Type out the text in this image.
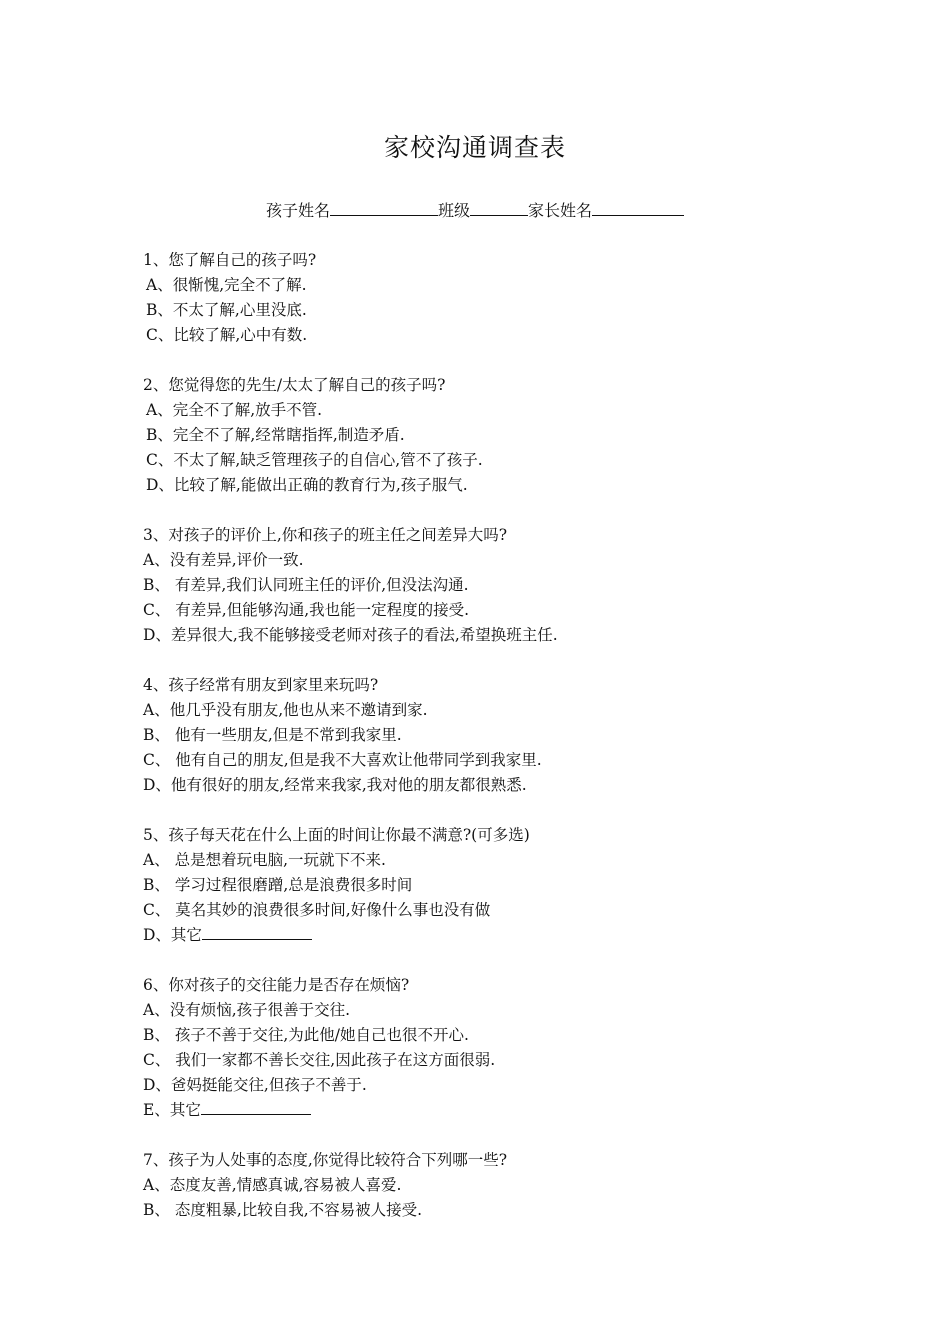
家校沟通调查表
孩子姓名	班级	家长姓名
1、您了解自己的孩子吗?
A、很惭愧,完全不了解.
B、不太了解,心里没底.
C、比较了解,心中有数.
2、您觉得您的先生/太太了解自己的孩子吗?
A、完全不了解,放手不管.
B、完全不了解,经常瞎指挥,制造矛盾.
C、不太了解,缺乏管理孩子的自信心,管不了孩子.
D、比较了解,能做出正确的教育行为,孩子服气.
3、对孩子的评价上,你和孩子的班主任之间差异大吗?
A、没有差异,评价一致.
B、 有差异,我们认同班主任的评价,但没法沟通.
C、 有差异,但能够沟通,我也能一定程度的接受.
D、差异很大,我不能够接受老师对孩子的看法,希望换班主任.
4、孩子经常有朋友到家里来玩吗?
A、他几乎没有朋友,他也从来不邀请到家.
B、 他有一些朋友,但是不常到我家里.
C、 他有自己的朋友,但是我不大喜欢让他带同学到我家里.
D、他有很好的朋友,经常来我家,我对他的朋友都很熟悉.
5、孩子每天花在什么上面的时间让你最不满意?(可多选)
A、 总是想着玩电脑,一玩就下不来.
B、 学习过程很磨蹭,总是浪费很多时间
C、 莫名其妙的浪费很多时间,好像什么事也没有做
D、其它
6、你对孩子的交往能力是否存在烦恼?
A、没有烦恼,孩子很善于交往.
B、 孩子不善于交往,为此他/她自己也很不开心.
C、 我们一家都不善长交往,因此孩子在这方面很弱.
D、爸妈挺能交往,但孩子不善于.
E、其它
7、孩子为人处事的态度,你觉得比较符合下列哪一些?
A、态度友善,情感真诚,容易被人喜爱.
B、 态度粗暴,比较自我,不容易被人接受.
